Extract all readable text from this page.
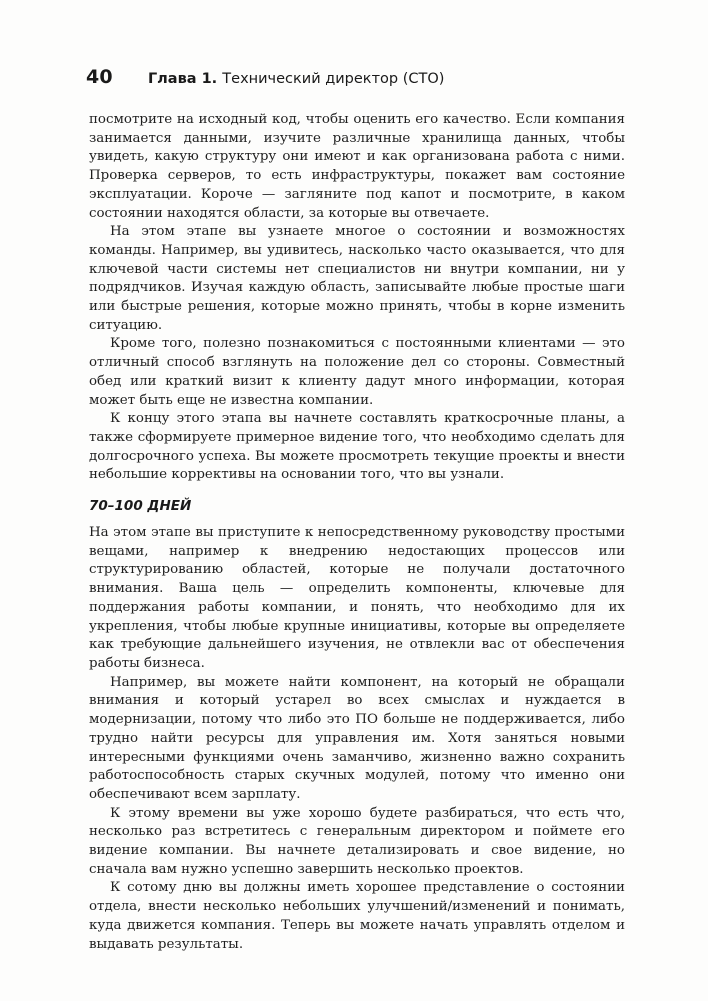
40 Глава 1. Технический директор (CTO)

посмотрите на исходный код, чтобы оценить его качество. Если компания занимается данными, изучите различные хранилища данных, чтобы увидеть, какую структуру они имеют и как организована работа с ними. Проверка серверов, то есть инфраструктуры, покажет вам состояние эксплуатации. Короче — загляните под капот и посмотрите, в каком состоянии находятся области, за которые вы отвечаете.

На этом этапе вы узнаете многое о состоянии и возможностях команды. Например, вы удивитесь, насколько часто оказывается, что для ключевой части системы нет специалистов ни внутри компании, ни у подрядчиков. Изучая каждую область, записывайте любые простые шаги или быстрые решения, которые можно принять, чтобы в корне изменить ситуацию.

Кроме того, полезно познакомиться с постоянными клиентами — это отличный способ взглянуть на положение дел со стороны. Совместный обед или краткий визит к клиенту дадут много информации, которая может быть еще не известна компании.

К концу этого этапа вы начнете составлять краткосрочные планы, а также сформируете примерное видение того, что необходимо сделать для долгосрочного успеха. Вы можете просмотреть текущие проекты и внести небольшие коррективы на основании того, что вы узнали.

70–100 ДНЕЙ

На этом этапе вы приступите к непосредственному руководству простыми вещами, например к внедрению недостающих процессов или структурированию областей, которые не получали достаточного внимания. Ваша цель — определить компоненты, ключевые для поддержания работы компании, и понять, что необходимо для их укрепления, чтобы любые крупные инициативы, которые вы определяете как требующие дальнейшего изучения, не отвлекли вас от обеспечения работы бизнеса.

Например, вы можете найти компонент, на который не обращали внимания и который устарел во всех смыслах и нуждается в модернизации, потому что либо это ПО больше не поддерживается, либо трудно найти ресурсы для управления им. Хотя заняться новыми интересными функциями очень заманчиво, жизненно важно сохранить работоспособность старых скучных модулей, потому что именно они обеспечивают всем зарплату.

К этому времени вы уже хорошо будете разбираться, что есть что, несколько раз встретитесь с генеральным директором и поймете его видение компании. Вы начнете детализировать и свое видение, но сначала вам нужно успешно завершить несколько проектов.

К сотому дню вы должны иметь хорошее представление о состоянии отдела, внести несколько небольших улучшений/изменений и понимать, куда движется компания. Теперь вы можете начать управлять отделом и выдавать результаты.
